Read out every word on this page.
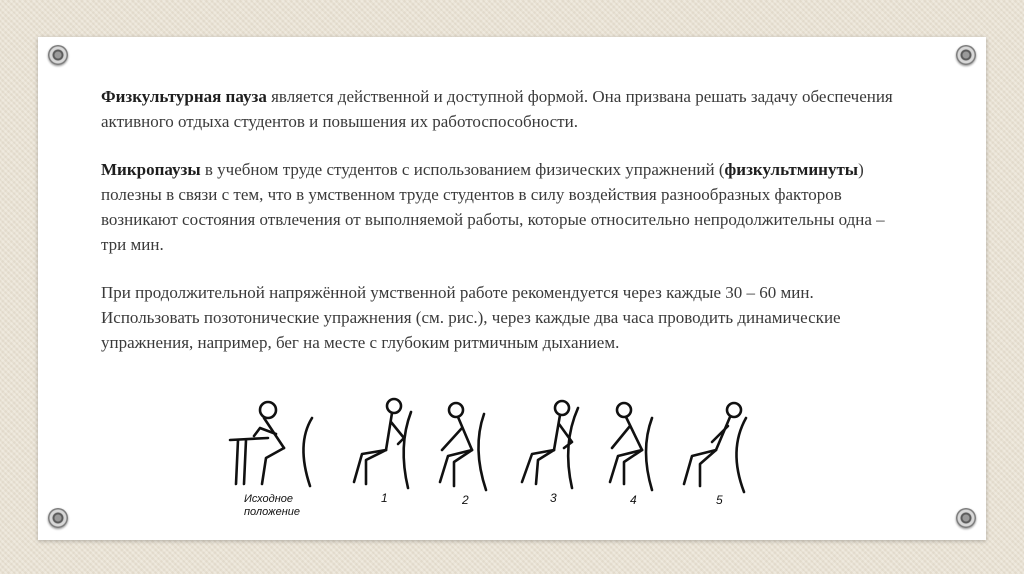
Физкультурная пауза является действенной и доступной формой. Она призвана решать задачу обеспечения активного отдыха студентов и повышения их работоспособности.

Микропаузы в учебном труде студентов с использованием физических упражнений (физкультминуты) полезны в связи с тем, что в умственном труде студентов в силу воздействия разнообразных факторов возникают состояния отвлечения от выполняемой работы, которые относительно непродолжительны одна – три мин.

При продолжительной напряжённой умственной работе рекомендуется через каждые 30 – 60 мин. Использовать позотонические упражнения (см. рис.), через каждые два часа проводить динамические упражнения, например, бег на месте с глубоким ритмичным дыханием.

Исходное
положение
1	2	3	4	5
